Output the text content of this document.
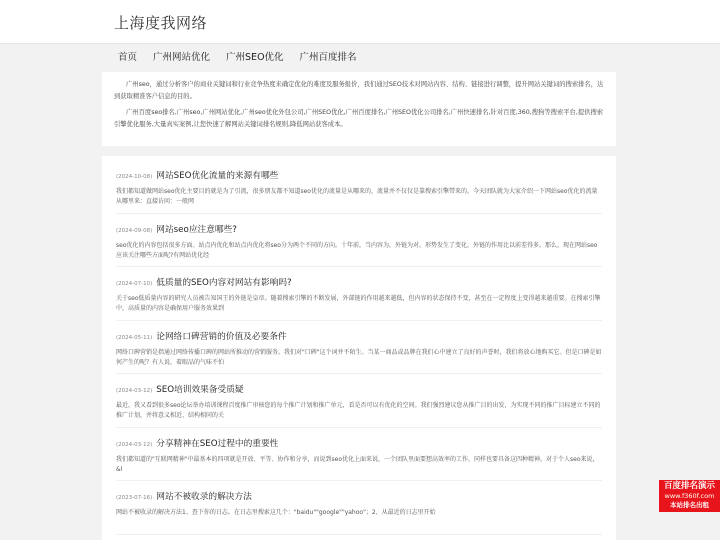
上海度我网络
首页	广州网站优化	广州SEO优化	广州百度排名

广州seo，通过分析客户的商业关键词和行业竞争热度来确定优化的难度及服务报价，我们通过SEO技术对网站内容、结构、链接进行调整，提升网站关键词的搜索排名，达到获取精准客户信息的目的。

广州百度seo排名,广州seo,广州网站优化,广州seo优化外包公司,广州SEO优化,广州百度排名,广州SEO优化公司排名,广州快速排名,针对百度,360,搜狗等搜索平台,提供搜索引擎优化服务,大量真实案例,让您快速了解网站关键词排名规则,降低网站获客成本。

(2024-10-08) 网站SEO优化流量的来源有哪些
我们都知道做网站seo优化主要目的就是为了引流，很多朋友都不知道seo优化的流量是从哪来的，流量并不仅仅是靠搜索引擎带来的。今天团队就为大家介绍一下网站seo优化的流量从哪里来：直接访问：一般网
(2024-09-08) 网站seo应注意哪些?
seo优化的内容包括很多方面。站点内优化和站点内优化将seo分为两个不同的方向。十年前，当内容为，外链为对，形势发生了变化，外链的作用比以前差得多。那么，现在网站seo应该关注哪些方面呢?有网站优化经
(2024-07-10) 低质量的SEO内容对网站有影响吗?
关于seo低质量内容的研究人员被告知国王的外链是皇帝。随着搜索引擎的不断发展，外部链的作用越来越低，但内容的状态保持不变，甚至在一定程度上变得越来越重要。在搜索引擎中，高质量的内容是确保用户服务效果到
(2024-05-11) 论网络口碑营销的价值及必要条件
网络口碑营销是指通过网络传播口碑的网站所推动的营销服务。我们对"口碑"这个词并不陌生。当某一商品或品牌在我们心中建立了良好的声誉时，我们将放心地购买它。但是口碑是如何产生的呢？有人说，着眼品的气味不怕
(2024-03-12) SEO培训效果备受质疑
最近，我又看到很多seo论坛举办培训课程百度推广审核您的每个推广计划和推广单元，看是否可以有优化的空间。我们强烈建议您从推广目的出发，为实现不同的推广目标建立不同的推广计划，并将意义相近、结构相同的关
(2024-03-12) 分享精神在SEO过程中的重要性
我们都知道的"互联网精神"中最基本的四项就是开放、平等、协作和分享，而说到seo优化上面来说，一个团队里面要想高效率的工作，同样也要具备这四种精神。对于个人seo来说，&l
(2023-07-16) 网站不被收录的解决方法
网站不被收录的解决方法1、查下你的日志。在日志里搜索这几个："baidu""google""yahoo"；2、从最近的日志里开始
百度排名演示
www.f360f.com
本站排名出租
